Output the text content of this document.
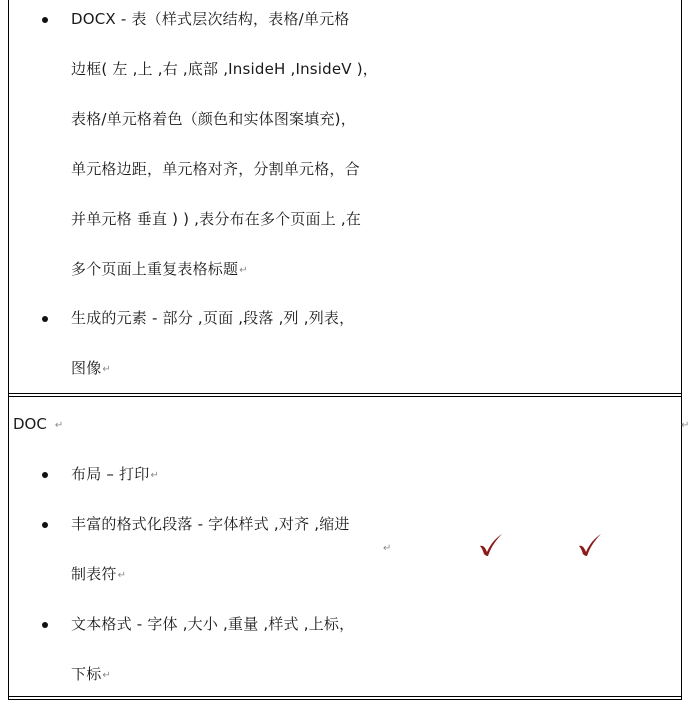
DOCX - 表（样式层次结构，表格/单元格
边框( 左 ,上 ,右 ,底部 ,InsideH ,InsideV )，
表格/单元格着色（颜色和实体图案填充)，
单元格边距，单元格对齐，分割单元格，合
并单元格 垂直 ) ) ,表分布在多个页面上 ,在
多个页面上重复表格标题↵
生成的元素 - 部分 ,页面 ,段落 ,列 ,列表，
图像↵
DOC ↵
布局 – 打印↵
丰富的格式化段落 - 字体样式 ,对齐 ,缩进
制表符↵
文本格式 - 字体 ,大小 ,重量 ,样式 ,上标，
下标↵
↵
↵
